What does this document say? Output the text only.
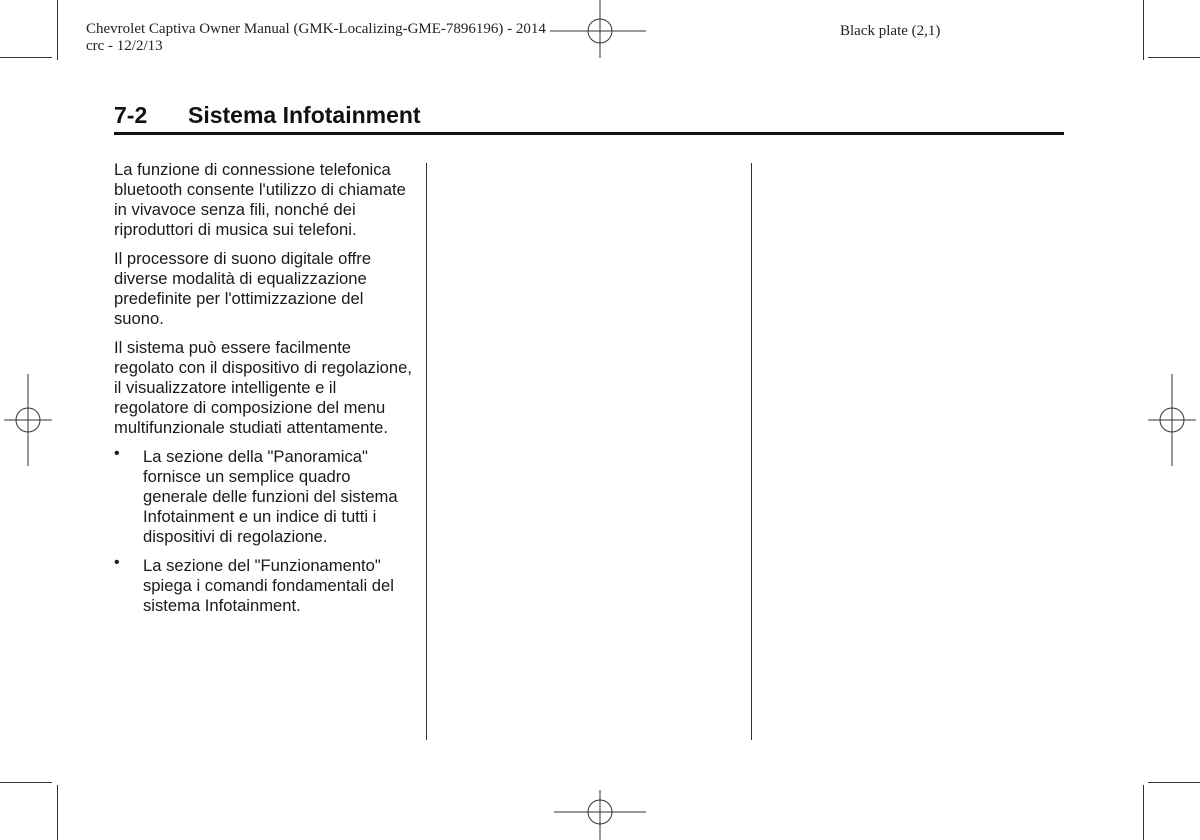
Chevrolet Captiva Owner Manual (GMK-Localizing-GME-7896196) - 2014
crc - 12/2/13
Black plate (2,1)
7-2 Sistema Infotainment

La funzione di connessione telefonica bluetooth consente l'utilizzo di chiamate in vivavoce senza fili, nonché dei riproduttori di musica sui telefoni.

Il processore di suono digitale offre diverse modalità di equalizzazione predefinite per l'ottimizzazione del suono.

Il sistema può essere facilmente regolato con il dispositivo di regolazione, il visualizzatore intelligente e il regolatore di composizione del menu multifunzionale studiati attentamente.

• La sezione della "Panoramica" fornisce un semplice quadro generale delle funzioni del sistema Infotainment e un indice di tutti i dispositivi di regolazione.
• La sezione del "Funzionamento" spiega i comandi fondamentali del sistema Infotainment.
